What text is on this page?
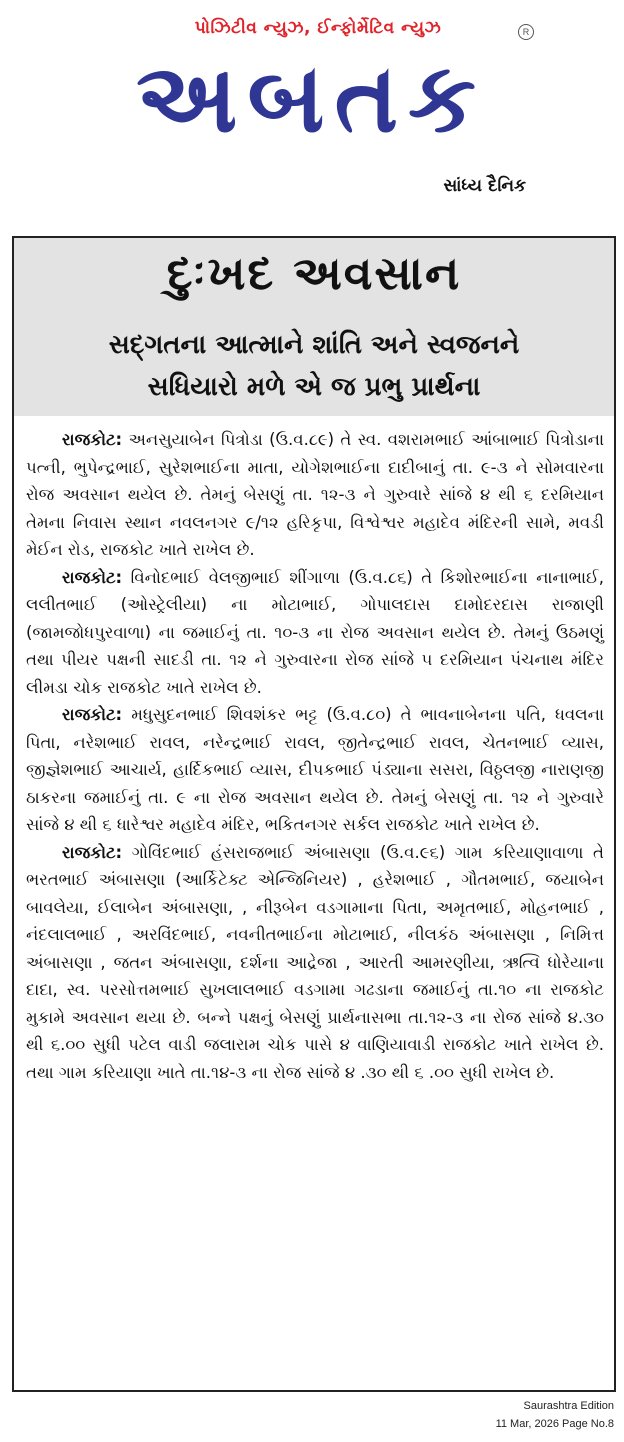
પોઝિટીવ ન્યુઝ, ઈન્ફોર્મેટિવ ન્યુઝ	R
અબતક
સાંધ્ય દૈનિક
દુઃખદ અવસાન
સદ્ગતના આત્માને શાંતિ અને સ્વજનને
સધિયારો મળે એ જ પ્રભુ પ્રાર્થના

રાજકોટ: અનસુયાબેન પિત્રોડા (ઉ.વ.૮૯) તે સ્વ. વશરામભાઈ આંબાભાઈ પિત્રોડાના પત્ની, ભુપેન્દ્રભાઈ, સુરેશભાઈના માતા, યોગેશભાઈના દાદીબાનું તા. ૯-૩ ને સોમવારના રોજ અવસાન થયેલ છે. તેમનું બેસણું તા. ૧૨-૩ ને ગુરુવારે સાંજે ૪ થી ૬ દરમિયાન તેમના નિવાસ સ્થાન નવલનગર ૯/૧૨ હરિકૃપા, વિશ્વેશ્વર મહાદેવ મંદિરની સામે, મવડી મેઈન રોડ, રાજકોટ ખાતે રાખેલ છે.

રાજકોટ: વિનોદભાઈ વેલજીભાઈ શીંગાળા (ઉ.વ.૮૬) તે કિશોરભાઈના નાનાભાઈ, લલીતભાઈ (ઓસ્ટ્રેલીયા) ના મોટાભાઈ, ગોપાલદાસ દામોદરદાસ રાજાણી (જામજોધપુરવાળા) ના જમાઈનું તા. ૧૦-૩ ના રોજ અવસાન થયેલ છે. તેમનું ઉઠમણું તથા પીયર પક્ષની સાદડી તા. ૧૨ ને ગુરુવારના રોજ સાંજે ૫ દરમિયાન પંચનાથ મંદિર લીમડા ચોક રાજકોટ ખાતે રાખેલ છે.

રાજકોટ: મધુસુદનભાઈ શિવશંકર ભટ્ટ (ઉ.વ.૮૦) તે ભાવનાબેનના પતિ, ધવલના પિતા, નરેશભાઈ રાવલ, નરેન્દ્રભાઈ રાવલ, જીતેન્દ્રભાઈ રાવલ, ચેતનભાઈ વ્યાસ, જીજ્ઞેશભાઈ આચાર્ય, હાર્દિકભાઈ વ્યાસ, દીપકભાઈ પંડ્યાના સસરા, વિઠ્ઠલજી નારાણજી ઠાકરના જમાઈનું તા. ૯ ના રોજ અવસાન થયેલ છે. તેમનું બેસણું તા. ૧૨ ને ગુરુવારે સાંજે ૪ થી ૬ ધારેશ્વર મહાદેવ મંદિર, ભકિતનગર સર્કલ રાજકોટ ખાતે રાખેલ છે.

રાજકોટ: ગોવિંદભાઈ હંસરાજભાઈ અંબાસણા (ઉ.વ.૯૬) ગામ કરિયાણાવાળા તે ભરતભાઈ અંબાસણા (આર્કિટેક્ટ એન્જિનિયર) , હરેશભાઈ , ગૌતમભાઈ, જયાબેન બાવલેયા, ઈલાબેન અંબાસણા, , નીરૂબેન વડગામાના પિતા, અમૃતભાઈ, મોહનભાઈ , નંદલાલભાઈ , અરવિંદભાઈ, નવનીતભાઈના મોટાભાઈ, નીલકંઠ અંબાસણા , નિમિત્ત અંબાસણા , જતન અંબાસણા, દર્શના આદ્રેજા , આરતી આમરણીયા, ઋત્વિ ધોરેયાના દાદા, સ્વ. પરસોત્તમભાઈ સુખલાલભાઈ વડગામા ગઢડાના જમાઈનું તા.૧૦ ના રાજકોટ મુકામે અવસાન થયા છે. બન્ને પક્ષનું બેસણું પ્રાર્થનાસભા તા.૧૨-૩ ના રોજ સાંજે ૪.૩૦ થી ૬.૦૦ સુધી પટેલ વાડી જલારામ ચોક પાસે ૪ વાણિયાવાડી રાજકોટ ખાતે રાખેલ છે. તથા ગામ કરિયાણા ખાતે તા.૧૪-૩ ના રોજ સાંજે ૪ .૩૦ થી ૬ .૦૦ સુધી રાખેલ છે.

Saurashtra Edition
11 Mar, 2026 Page No.8
